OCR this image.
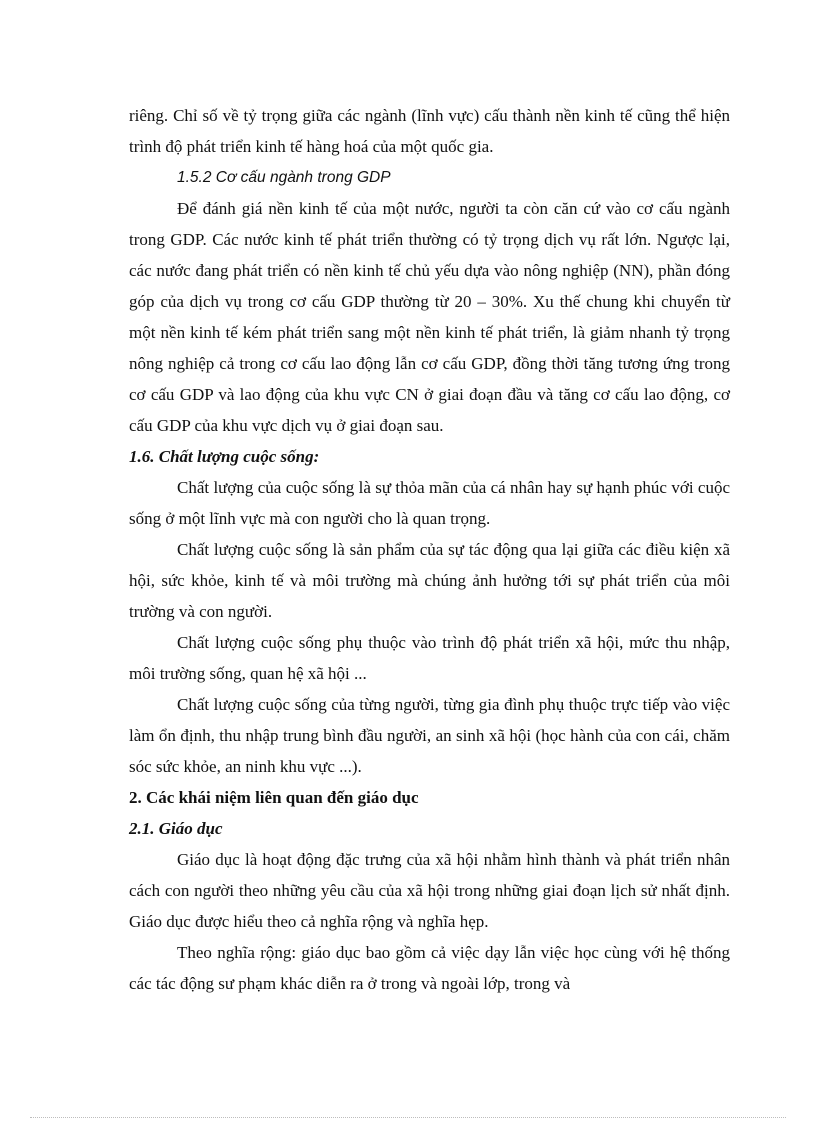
riêng. Chỉ số về tỷ trọng giữa các ngành (lĩnh vực) cấu thành nền kinh tế cũng thể hiện trình độ phát triển kinh tế hàng hoá của một quốc gia.

1.5.2 Cơ cấu ngành trong GDP

Để đánh giá nền kinh tế của một nước, người ta còn căn cứ vào cơ cấu ngành trong GDP. Các nước kinh tế phát triển thường có tỷ trọng dịch vụ rất lớn. Ngược lại, các nước đang phát triển có nền kinh tế chủ yếu dựa vào nông nghiệp (NN), phần đóng góp của dịch vụ trong cơ cấu GDP thường từ 20 – 30%. Xu thế chung khi chuyển từ một nền kinh tế kém phát triển sang một nền kinh tế phát triển, là giảm nhanh tỷ trọng nông nghiệp cả trong cơ cấu lao động lẫn cơ cấu GDP, đồng thời tăng tương ứng trong cơ cấu GDP và lao động của khu vực CN ở giai đoạn đầu và tăng cơ cấu lao động, cơ cấu GDP của khu vực dịch vụ ở giai đoạn sau.

1.6. Chất lượng cuộc sống:

Chất lượng của cuộc sống là sự thỏa mãn của cá nhân hay sự hạnh phúc với cuộc sống ở một lĩnh vực mà con người cho là quan trọng.

Chất lượng cuộc sống là sản phẩm của sự tác động qua lại giữa các điều kiện xã hội, sức khỏe, kinh tế và môi trường mà chúng ảnh hưởng tới sự phát triển của môi trường và con người.

Chất lượng cuộc sống phụ thuộc vào trình độ phát triển xã hội, mức thu nhập, môi trường sống, quan hệ xã hội ...

Chất lượng cuộc sống của từng người, từng gia đình phụ thuộc trực tiếp vào việc làm ổn định, thu nhập trung bình đầu người, an sinh xã hội (học hành của con cái, chăm sóc sức khỏe, an ninh khu vực ...).

2. Các khái niệm liên quan đến giáo dục

2.1. Giáo dục

Giáo dục là hoạt động đặc trưng của xã hội nhằm hình thành và phát triển nhân cách con người theo những yêu cầu của xã hội trong những giai đoạn lịch sử nhất định. Giáo dục được hiểu theo cả nghĩa rộng và nghĩa hẹp.

Theo nghĩa rộng: giáo dục bao gồm cả việc dạy lẫn việc học cùng với hệ thống các tác động sư phạm khác diễn ra ở trong và ngoài lớp, trong và
